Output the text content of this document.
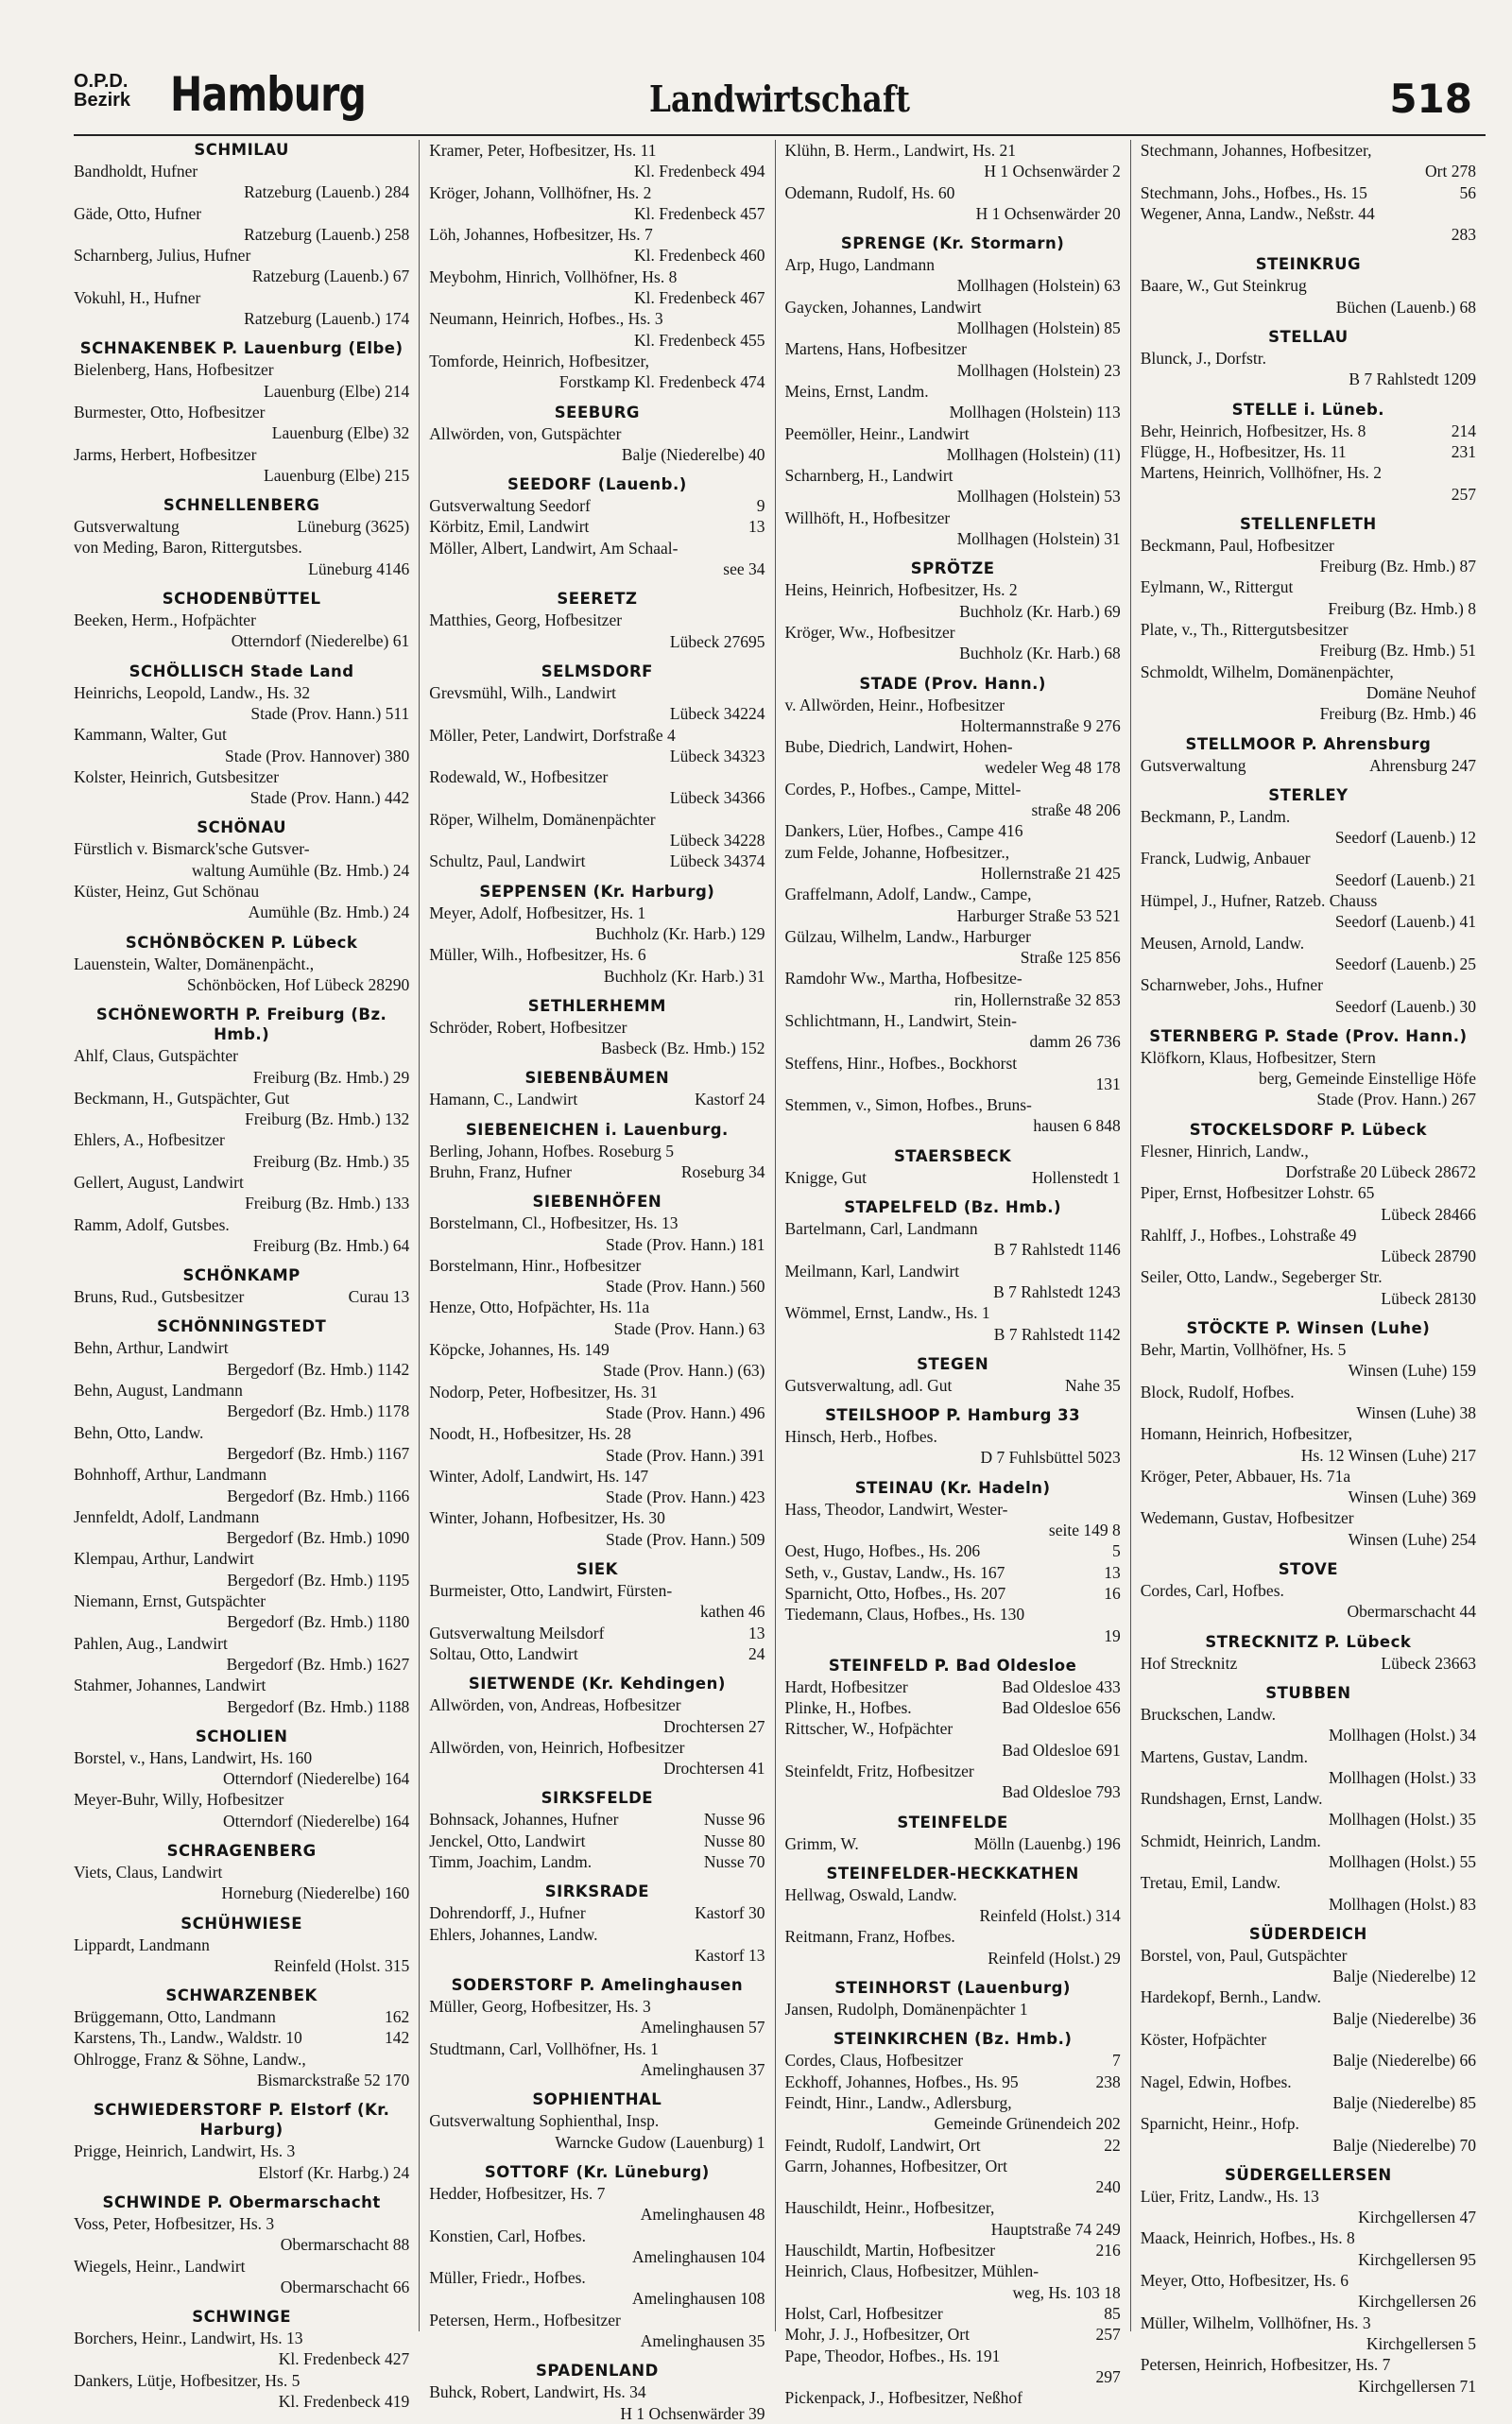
O.P.D.
Bezirk Hamburg	Landwirtschaft	518
SCHMILAU
Bandholdt, Hufner
Ratzeburg (Lauenb.) 284
Gäde, Otto, Hufner
Ratzeburg (Lauenb.) 258
Scharnberg, Julius, Hufner
Ratzeburg (Lauenb.) 67
Vokuhl, H., Hufner
Ratzeburg (Lauenb.) 174
SCHNAKENBEK P. Lauenburg (Elbe)
Bielenberg, Hans, Hofbesitzer
Lauenburg (Elbe) 214
Burmester, Otto, Hofbesitzer
Lauenburg (Elbe) 32
Jarms, Herbert, Hofbesitzer
Lauenburg (Elbe) 215
SCHNELLENBERG
Gutsverwaltung	Lüneburg (3625)
von Meding, Baron, Rittergutsbes.
Lüneburg 4146
SCHODENBÜTTEL
Beeken, Herm., Hofpächter
Otterndorf (Niederelbe) 61
SCHÖLLISCH Stade Land
Heinrichs, Leopold, Landw., Hs. 32
Stade (Prov. Hann.) 511
Kammann, Walter, Gut
Stade (Prov. Hannover) 380
Kolster, Heinrich, Gutsbesitzer
Stade (Prov. Hann.) 442
SCHÖNAU
Fürstlich v. Bismarck'sche Gutsver-
waltung Aumühle (Bz. Hmb.) 24
Küster, Heinz, Gut Schönau
Aumühle (Bz. Hmb.) 24
SCHÖNBÖCKEN P. Lübeck
Lauenstein, Walter, Domänenpächt.,
Schönböcken, Hof Lübeck 28290
SCHÖNEWORTH P. Freiburg (Bz. Hmb.)
Ahlf, Claus, Gutspächter
Freiburg (Bz. Hmb.) 29
Beckmann, H., Gutspächter, Gut
Freiburg (Bz. Hmb.) 132
Ehlers, A., Hofbesitzer
Freiburg (Bz. Hmb.) 35
Gellert, August, Landwirt
Freiburg (Bz. Hmb.) 133
Ramm, Adolf, Gutsbes.
Freiburg (Bz. Hmb.) 64
SCHÖNKAMP
Bruns, Rud., Gutsbesitzer	Curau 13
SCHÖNNINGSTEDT
Behn, Arthur, Landwirt
Bergedorf (Bz. Hmb.) 1142
Behn, August, Landmann
Bergedorf (Bz. Hmb.) 1178
Behn, Otto, Landw.
Bergedorf (Bz. Hmb.) 1167
Bohnhoff, Arthur, Landmann
Bergedorf (Bz. Hmb.) 1166
Jennfeldt, Adolf, Landmann
Bergedorf (Bz. Hmb.) 1090
Klempau, Arthur, Landwirt
Bergedorf (Bz. Hmb.) 1195
Niemann, Ernst, Gutspächter
Bergedorf (Bz. Hmb.) 1180
Pahlen, Aug., Landwirt
Bergedorf (Bz. Hmb.) 1627
Stahmer, Johannes, Landwirt
Bergedorf (Bz. Hmb.) 1188
SCHOLIEN
Borstel, v., Hans, Landwirt, Hs. 160
Otterndorf (Niederelbe) 164
Meyer-Buhr, Willy, Hofbesitzer
Otterndorf (Niederelbe) 164
SCHRAGENBERG
Viets, Claus, Landwirt
Horneburg (Niederelbe) 160
SCHÜHWIESE
Lippardt, Landmann
Reinfeld (Holst. 315
SCHWARZENBEK
Brüggemann, Otto, Landmann	162
Karstens, Th., Landw., Waldstr. 10	142
Ohlrogge, Franz & Söhne, Landw.,
Bismarckstraße 52 170
SCHWIEDERSTORF P. Elstorf (Kr. Harburg)
Prigge, Heinrich, Landwirt, Hs. 3
Elstorf (Kr. Harbg.) 24
SCHWINDE P. Obermarschacht
Voss, Peter, Hofbesitzer, Hs. 3
Obermarschacht 88
Wiegels, Heinr., Landwirt
Obermarschacht 66
SCHWINGE
Borchers, Heinr., Landwirt, Hs. 13
Kl. Fredenbeck 427
Dankers, Lütje, Hofbesitzer, Hs. 5
Kl. Fredenbeck 419
Kramer, Peter, Hofbesitzer, Hs. 11
Kl. Fredenbeck 494
Kröger, Johann, Vollhöfner, Hs. 2
Kl. Fredenbeck 457
Löh, Johannes, Hofbesitzer, Hs. 7
Kl. Fredenbeck 460
Meybohm, Hinrich, Vollhöfner, Hs. 8
Kl. Fredenbeck 467
Neumann, Heinrich, Hofbes., Hs. 3
Kl. Fredenbeck 455
Tomforde, Heinrich, Hofbesitzer,
Forstkamp Kl. Fredenbeck 474
SEEBURG
Allwörden, von, Gutspächter
Balje (Niederelbe) 40
SEEDORF (Lauenb.)
Gutsverwaltung Seedorf	9
Körbitz, Emil, Landwirt	13
Möller, Albert, Landwirt, Am Schaal-
see 34
SEERETZ
Matthies, Georg, Hofbesitzer
Lübeck 27695
SELMSDORF
Grevsmühl, Wilh., Landwirt
Lübeck 34224
Möller, Peter, Landwirt, Dorfstraße 4
Lübeck 34323
Rodewald, W., Hofbesitzer
Lübeck 34366
Röper, Wilhelm, Domänenpächter
Lübeck 34228
Schultz, Paul, Landwirt	Lübeck 34374
SEPPENSEN (Kr. Harburg)
Meyer, Adolf, Hofbesitzer, Hs. 1
Buchholz (Kr. Harb.) 129
Müller, Wilh., Hofbesitzer, Hs. 6
Buchholz (Kr. Harb.) 31
SETHLERHEMM
Schröder, Robert, Hofbesitzer
Basbeck (Bz. Hmb.) 152
SIEBENBÄUMEN
Hamann, C., Landwirt	Kastorf 24
SIEBENEICHEN i. Lauenburg.
Berling, Johann, Hofbes. Roseburg 5
Bruhn, Franz, Hufner	Roseburg 34
SIEBENHÖFEN
Borstelmann, Cl., Hofbesitzer, Hs. 13
Stade (Prov. Hann.) 181
Borstelmann, Hinr., Hofbesitzer
Stade (Prov. Hann.) 560
Henze, Otto, Hofpächter, Hs. 11a
Stade (Prov. Hann.) 63
Köpcke, Johannes, Hs. 149
Stade (Prov. Hann.) (63)
Nodorp, Peter, Hofbesitzer, Hs. 31
Stade (Prov. Hann.) 496
Noodt, H., Hofbesitzer, Hs. 28
Stade (Prov. Hann.) 391
Winter, Adolf, Landwirt, Hs. 147
Stade (Prov. Hann.) 423
Winter, Johann, Hofbesitzer, Hs. 30
Stade (Prov. Hann.) 509
SIEK
Burmeister, Otto, Landwirt, Fürsten-
kathen 46
Gutsverwaltung Meilsdorf	13
Soltau, Otto, Landwirt	24
SIETWENDE (Kr. Kehdingen)
Allwörden, von, Andreas, Hofbesitzer
Drochtersen 27
Allwörden, von, Heinrich, Hofbesitzer
Drochtersen 41
SIRKSFELDE
Bohnsack, Johannes, Hufner	Nusse 96
Jenckel, Otto, Landwirt	Nusse 80
Timm, Joachim, Landm.	Nusse 70
SIRKSRADE
Dohrendorff, J., Hufner	Kastorf 30
Ehlers, Johannes, Landw.
Kastorf 13
SODERSTORF P. Amelinghausen
Müller, Georg, Hofbesitzer, Hs. 3
Amelinghausen 57
Studtmann, Carl, Vollhöfner, Hs. 1
Amelinghausen 37
SOPHIENTHAL
Gutsverwaltung Sophienthal, Insp.
Warncke Gudow (Lauenburg) 1
SOTTORF (Kr. Lüneburg)
Hedder, Hofbesitzer, Hs. 7
Amelinghausen 48
Konstien, Carl, Hofbes.
Amelinghausen 104
Müller, Friedr., Hofbes.
Amelinghausen 108
Petersen, Herm., Hofbesitzer
Amelinghausen 35
SPADENLAND
Buhck, Robert, Landwirt, Hs. 34
H 1 Ochsenwärder 39
Klühn, B. Herm., Landwirt, Hs. 21
H 1 Ochsenwärder 2
Odemann, Rudolf, Hs. 60
H 1 Ochsenwärder 20
SPRENGE (Kr. Stormarn)
Arp, Hugo, Landmann
Mollhagen (Holstein) 63
Gaycken, Johannes, Landwirt
Mollhagen (Holstein) 85
Martens, Hans, Hofbesitzer
Mollhagen (Holstein) 23
Meins, Ernst, Landm.
Mollhagen (Holstein) 113
Peemöller, Heinr., Landwirt
Mollhagen (Holstein) (11)
Scharnberg, H., Landwirt
Mollhagen (Holstein) 53
Willhöft, H., Hofbesitzer
Mollhagen (Holstein) 31
SPRÖTZE
Heins, Heinrich, Hofbesitzer, Hs. 2
Buchholz (Kr. Harb.) 69
Kröger, Ww., Hofbesitzer
Buchholz (Kr. Harb.) 68
STADE (Prov. Hann.)
v. Allwörden, Heinr., Hofbesitzer
Holtermannstraße 9 276
Bube, Diedrich, Landwirt, Hohen-
wedeler Weg 48 178
Cordes, P., Hofbes., Campe, Mittel-
straße 48 206
Dankers, Lüer, Hofbes., Campe 416
zum Felde, Johanne, Hofbesitzer.,
Hollernstraße 21 425
Graffelmann, Adolf, Landw., Campe,
Harburger Straße 53 521
Gülzau, Wilhelm, Landw., Harburger
Straße 125 856
Ramdohr Ww., Martha, Hofbesitze-
rin, Hollernstraße 32 853
Schlichtmann, H., Landwirt, Stein-
damm 26 736
Steffens, Hinr., Hofbes., Bockhorst
131
Stemmen, v., Simon, Hofbes., Bruns-
hausen 6 848
STAERSBECK
Knigge, Gut	Hollenstedt 1
STAPELFELD (Bz. Hmb.)
Bartelmann, Carl, Landmann
B 7 Rahlstedt 1146
Meilmann, Karl, Landwirt
B 7 Rahlstedt 1243
Wömmel, Ernst, Landw., Hs. 1
B 7 Rahlstedt 1142
STEGEN
Gutsverwaltung, adl. Gut	Nahe 35
STEILSHOOP P. Hamburg 33
Hinsch, Herb., Hofbes.
D 7 Fuhlsbüttel 5023
STEINAU (Kr. Hadeln)
Hass, Theodor, Landwirt, Wester-
seite 149 8
Oest, Hugo, Hofbes., Hs. 206	5
Seth, v., Gustav, Landw., Hs. 167	13
Sparnicht, Otto, Hofbes., Hs. 207	16
Tiedemann, Claus, Hofbes., Hs. 130
19
STEINFELD P. Bad Oldesloe
Hardt, Hofbesitzer	Bad Oldesloe 433
Plinke, H., Hofbes.	Bad Oldesloe 656
Rittscher, W., Hofpächter
Bad Oldesloe 691
Steinfeldt, Fritz, Hofbesitzer
Bad Oldesloe 793
STEINFELDE
Grimm, W.	Mölln (Lauenbg.) 196
STEINFELDER-HECKKATHEN
Hellwag, Oswald, Landw.
Reinfeld (Holst.) 314
Reitmann, Franz, Hofbes.
Reinfeld (Holst.) 29
STEINHORST (Lauenburg)
Jansen, Rudolph, Domänenpächter 1
STEINKIRCHEN (Bz. Hmb.)
Cordes, Claus, Hofbesitzer	7
Eckhoff, Johannes, Hofbes., Hs. 95	238
Feindt, Hinr., Landw., Adlersburg,
Gemeinde Grünendeich 202
Feindt, Rudolf, Landwirt, Ort	22
Garrn, Johannes, Hofbesitzer, Ort
240
Hauschildt, Heinr., Hofbesitzer,
Hauptstraße 74 249
Hauschildt, Martin, Hofbesitzer	216
Heinrich, Claus, Hofbesitzer, Mühlen-
weg, Hs. 103 18
Holst, Carl, Hofbesitzer	85
Mohr, J. J., Hofbesitzer, Ort	257
Pape, Theodor, Hofbes., Hs. 191
297
Pickenpack, J., Hofbesitzer, Neßhof
Stechmann, Johannes, Hofbesitzer,
Ort 278
Stechmann, Johs., Hofbes., Hs. 15	56
Wegener, Anna, Landw., Neßstr. 44
283
STEINKRUG
Baare, W., Gut Steinkrug
Büchen (Lauenb.) 68
STELLAU
Blunck, J., Dorfstr.
B 7 Rahlstedt 1209
STELLE i. Lüneb.
Behr, Heinrich, Hofbesitzer, Hs. 8	214
Flügge, H., Hofbesitzer, Hs. 11	231
Martens, Heinrich, Vollhöfner, Hs. 2
257
STELLENFLETH
Beckmann, Paul, Hofbesitzer
Freiburg (Bz. Hmb.) 87
Eylmann, W., Rittergut
Freiburg (Bz. Hmb.) 8
Plate, v., Th., Rittergutsbesitzer
Freiburg (Bz. Hmb.) 51
Schmoldt, Wilhelm, Domänenpächter,
Domäne Neuhof
Freiburg (Bz. Hmb.) 46
STELLMOOR P. Ahrensburg
Gutsverwaltung	Ahrensburg 247
STERLEY
Beckmann, P., Landm.
Seedorf (Lauenb.) 12
Franck, Ludwig, Anbauer
Seedorf (Lauenb.) 21
Hümpel, J., Hufner, Ratzeb. Chauss
Seedorf (Lauenb.) 41
Meusen, Arnold, Landw.
Seedorf (Lauenb.) 25
Scharnweber, Johs., Hufner
Seedorf (Lauenb.) 30
STERNBERG P. Stade (Prov. Hann.)
Klöfkorn, Klaus, Hofbesitzer, Stern
berg, Gemeinde Einstellige Höfe
Stade (Prov. Hann.) 267
STOCKELSDORF P. Lübeck
Flesner, Hinrich, Landw.,
Dorfstraße 20 Lübeck 28672
Piper, Ernst, Hofbesitzer Lohstr. 65
Lübeck 28466
Rahlff, J., Hofbes., Lohstraße 49
Lübeck 28790
Seiler, Otto, Landw., Segeberger Str.
Lübeck 28130
STÖCKTE P. Winsen (Luhe)
Behr, Martin, Vollhöfner, Hs. 5
Winsen (Luhe) 159
Block, Rudolf, Hofbes.
Winsen (Luhe) 38
Homann, Heinrich, Hofbesitzer,
Hs. 12 Winsen (Luhe) 217
Kröger, Peter, Abbauer, Hs. 71a
Winsen (Luhe) 369
Wedemann, Gustav, Hofbesitzer
Winsen (Luhe) 254
STOVE
Cordes, Carl, Hofbes.
Obermarschacht 44
STRECKNITZ P. Lübeck
Hof Strecknitz	Lübeck 23663
STUBBEN
Bruckschen, Landw.
Mollhagen (Holst.) 34
Martens, Gustav, Landm.
Mollhagen (Holst.) 33
Rundshagen, Ernst, Landw.
Mollhagen (Holst.) 35
Schmidt, Heinrich, Landm.
Mollhagen (Holst.) 55
Tretau, Emil, Landw.
Mollhagen (Holst.) 83
SÜDERDEICH
Borstel, von, Paul, Gutspächter
Balje (Niederelbe) 12
Hardekopf, Bernh., Landw.
Balje (Niederelbe) 36
Köster, Hofpächter
Balje (Niederelbe) 66
Nagel, Edwin, Hofbes.
Balje (Niederelbe) 85
Sparnicht, Heinr., Hofp.
Balje (Niederelbe) 70
SÜDERGELLERSEN
Lüer, Fritz, Landw., Hs. 13
Kirchgellersen 47
Maack, Heinrich, Hofbes., Hs. 8
Kirchgellersen 95
Meyer, Otto, Hofbesitzer, Hs. 6
Kirchgellersen 26
Müller, Wilhelm, Vollhöfner, Hs. 3
Kirchgellersen 5
Petersen, Heinrich, Hofbesitzer, Hs. 7
Kirchgellersen 71
